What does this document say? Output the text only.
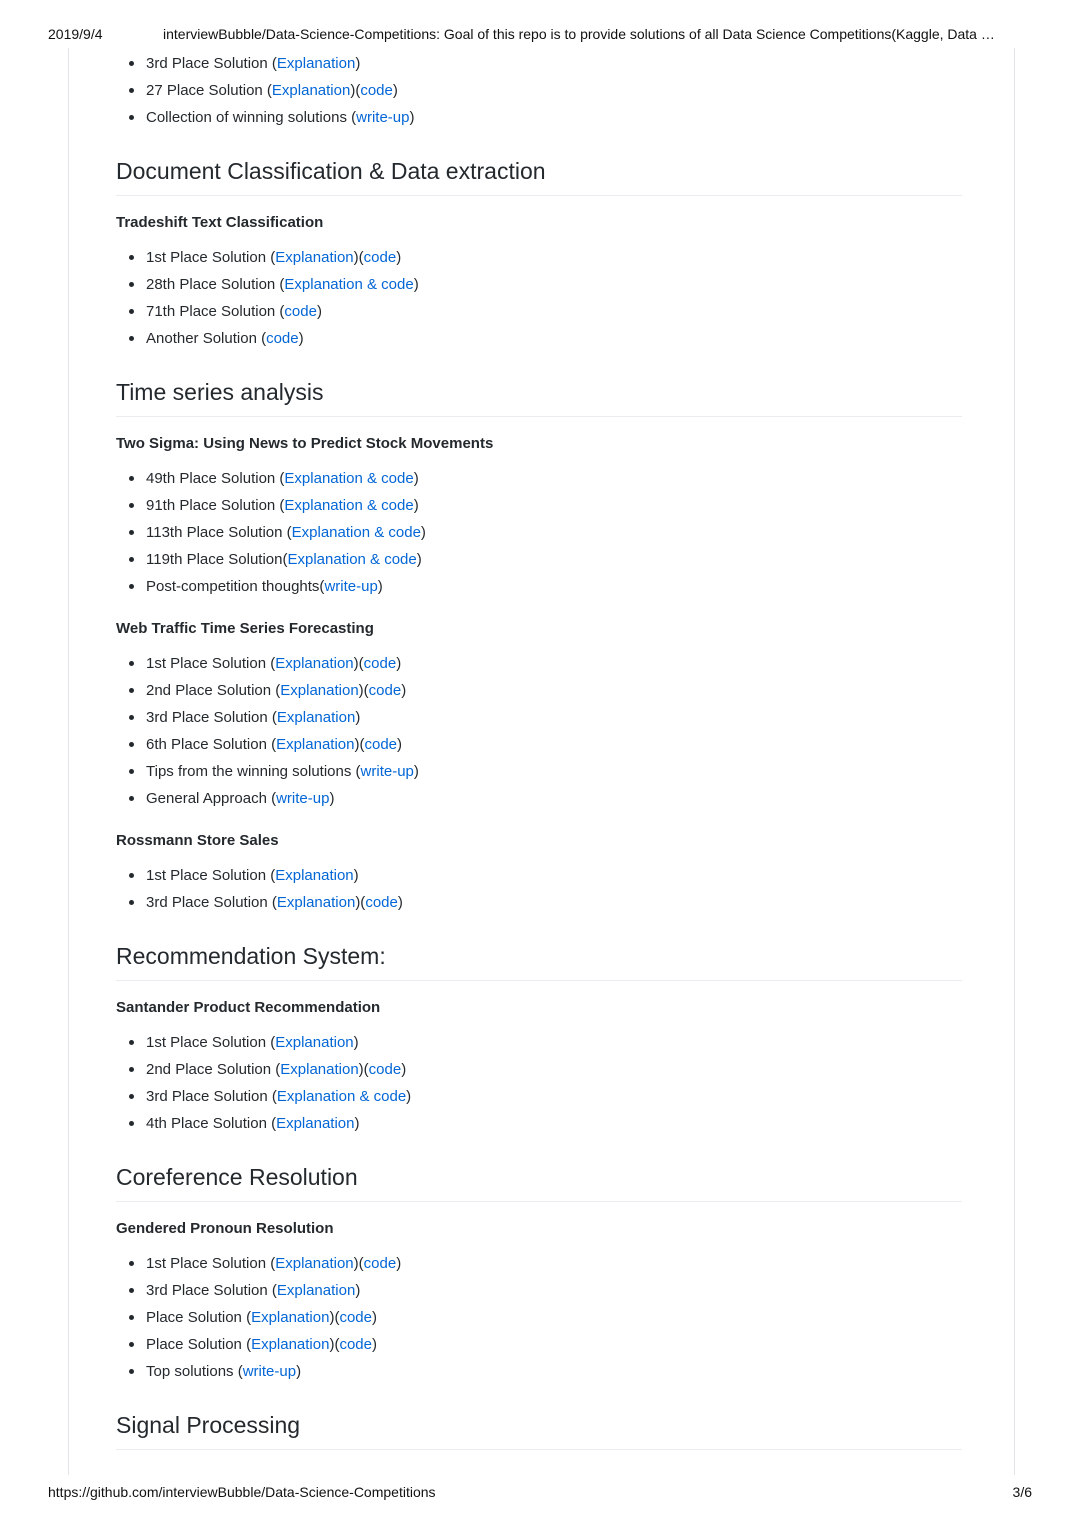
2019/9/4	interviewBubble/Data-Science-Competitions: Goal of this repo is to provide solutions of all Data Science Competitions(Kaggle, Data …
3rd Place Solution (Explanation)
27 Place Solution (Explanation)(code)
Collection of winning solutions (write-up)
Document Classification & Data extraction
Tradeshift Text Classification
1st Place Solution (Explanation)(code)
28th Place Solution (Explanation & code)
71th Place Solution (code)
Another Solution (code)
Time series analysis
Two Sigma: Using News to Predict Stock Movements
49th Place Solution (Explanation & code)
91th Place Solution (Explanation & code)
113th Place Solution (Explanation & code)
119th Place Solution(Explanation & code)
Post-competition thoughts(write-up)
Web Traffic Time Series Forecasting
1st Place Solution (Explanation)(code)
2nd Place Solution (Explanation)(code)
3rd Place Solution (Explanation)
6th Place Solution (Explanation)(code)
Tips from the winning solutions (write-up)
General Approach (write-up)
Rossmann Store Sales
1st Place Solution (Explanation)
3rd Place Solution (Explanation)(code)
Recommendation System:
Santander Product Recommendation
1st Place Solution (Explanation)
2nd Place Solution (Explanation)(code)
3rd Place Solution (Explanation & code)
4th Place Solution (Explanation)
Coreference Resolution
Gendered Pronoun Resolution
1st Place Solution (Explanation)(code)
3rd Place Solution (Explanation)
Place Solution (Explanation)(code)
Place Solution (Explanation)(code)
Top solutions (write-up)
Signal Processing
https://github.com/interviewBubble/Data-Science-Competitions	3/6
